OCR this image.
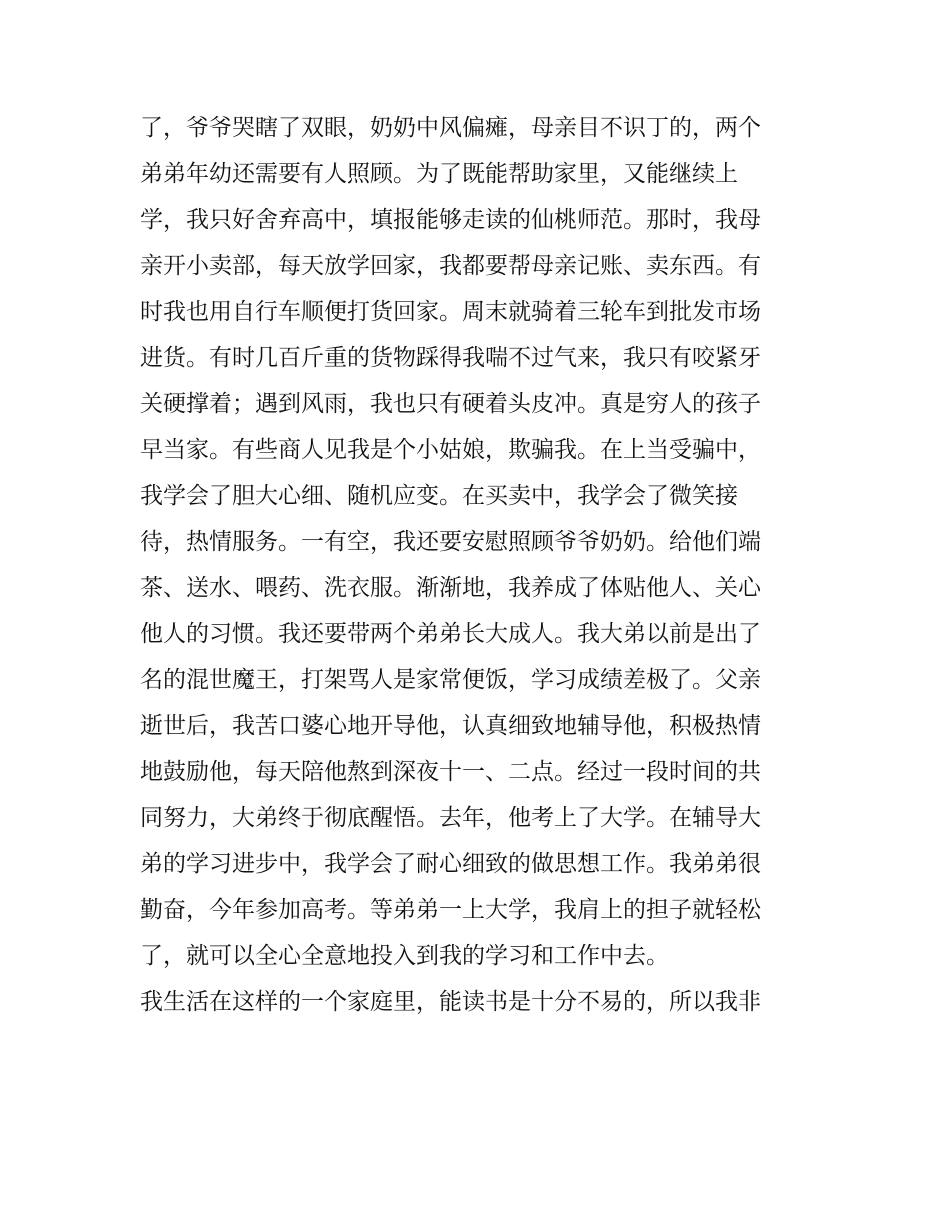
了，爷爷哭瞎了双眼，奶奶中风偏瘫，母亲目不识丁的，两个
弟弟年幼还需要有人照顾。为了既能帮助家里，又能继续上
学，我只好舍弃高中，填报能够走读的仙桃师范。那时，我母
亲开小卖部，每天放学回家，我都要帮母亲记账、卖东西。有
时我也用自行车顺便打货回家。周末就骑着三轮车到批发市场
进货。有时几百斤重的货物踩得我喘不过气来，我只有咬紧牙
关硬撑着；遇到风雨，我也只有硬着头皮冲。真是穷人的孩子
早当家。有些商人见我是个小姑娘，欺骗我。在上当受骗中，
我学会了胆大心细、随机应变。在买卖中，我学会了微笑接
待，热情服务。一有空，我还要安慰照顾爷爷奶奶。给他们端
茶、送水、喂药、洗衣服。渐渐地，我养成了体贴他人、关心
他人的习惯。我还要带两个弟弟长大成人。我大弟以前是出了
名的混世魔王，打架骂人是家常便饭，学习成绩差极了。父亲
逝世后，我苦口婆心地开导他，认真细致地辅导他，积极热情
地鼓励他，每天陪他熬到深夜十一、二点。经过一段时间的共
同努力，大弟终于彻底醒悟。去年，他考上了大学。在辅导大
弟的学习进步中，我学会了耐心细致的做思想工作。我弟弟很
勤奋，今年参加高考。等弟弟一上大学，我肩上的担子就轻松
了，就可以全心全意地投入到我的学习和工作中去。
我生活在这样的一个家庭里，能读书是十分不易的，所以我非
